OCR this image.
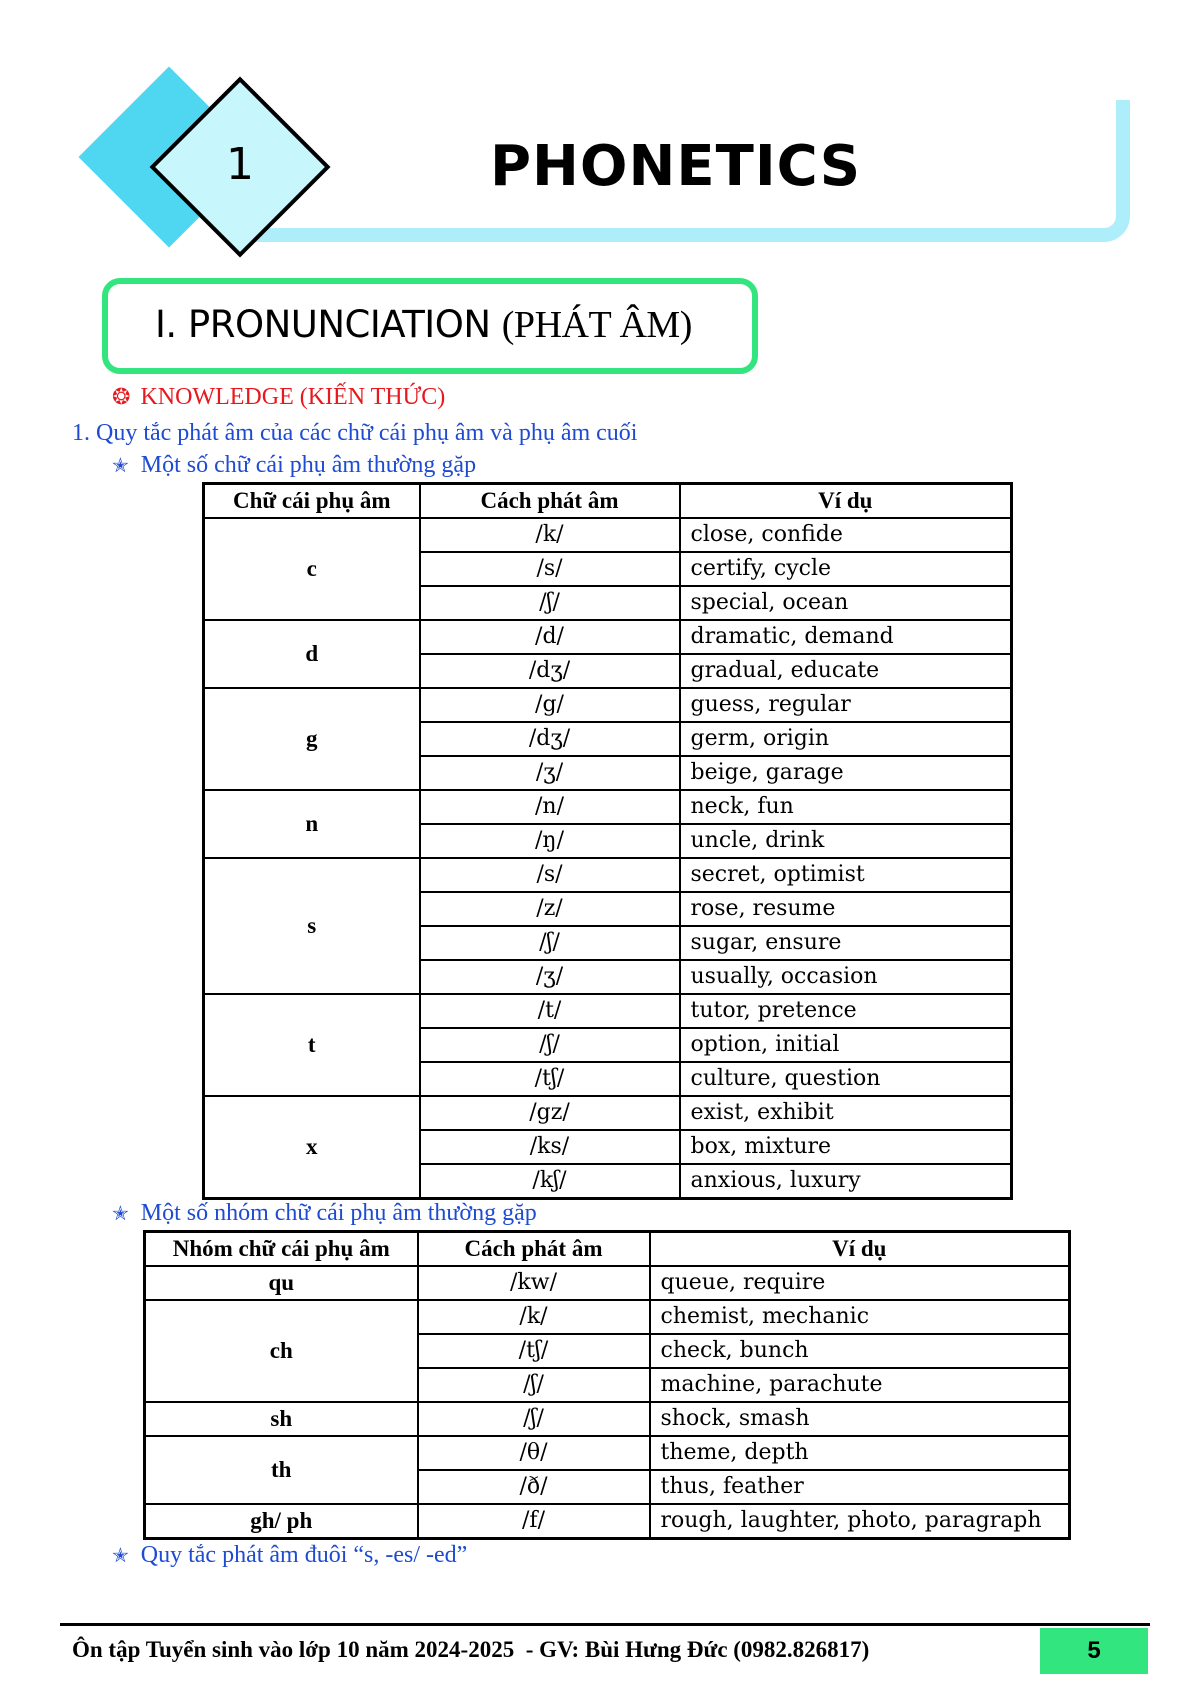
1	PHONETICS
I. PRONUNCIATION (PHÁT ÂM)
❂ KNOWLEDGE (KIẾN THỨC)
1. Quy tắc phát âm của các chữ cái phụ âm và phụ âm cuối
✭ Một số chữ cái phụ âm thường gặp
Chữ cái phụ âm	Cách phát âm	Ví dụ
c	/k/	close, confide
	/s/	certify, cycle
	/ʃ/	special, ocean
d	/d/	dramatic, demand
	/dʒ/	gradual, educate
g	/g/	guess, regular
	/dʒ/	germ, origin
	/ʒ/	beige, garage
n	/n/	neck, fun
	/ŋ/	uncle, drink
s	/s/	secret, optimist
	/z/	rose, resume
	/ʃ/	sugar, ensure
	/ʒ/	usually, occasion
t	/t/	tutor, pretence
	/ʃ/	option, initial
	/tʃ/	culture, question
x	/gz/	exist, exhibit
	/ks/	box, mixture
	/kʃ/	anxious, luxury
✭ Một số nhóm chữ cái phụ âm thường gặp
Nhóm chữ cái phụ âm	Cách phát âm	Ví dụ
qu	/kw/	queue, require
ch	/k/	chemist, mechanic
	/tʃ/	check, bunch
	/ʃ/	machine, parachute
sh	/ʃ/	shock, smash
th	/θ/	theme, depth
	/ð/	thus, feather
gh/ ph	/f/	rough, laughter, photo, paragraph
✭ Quy tắc phát âm đuôi “s, -es/ -ed”
Ôn tập Tuyển sinh vào lớp 10 năm 2024-2025  - GV: Bùi Hưng Đức (0982.826817)	5
